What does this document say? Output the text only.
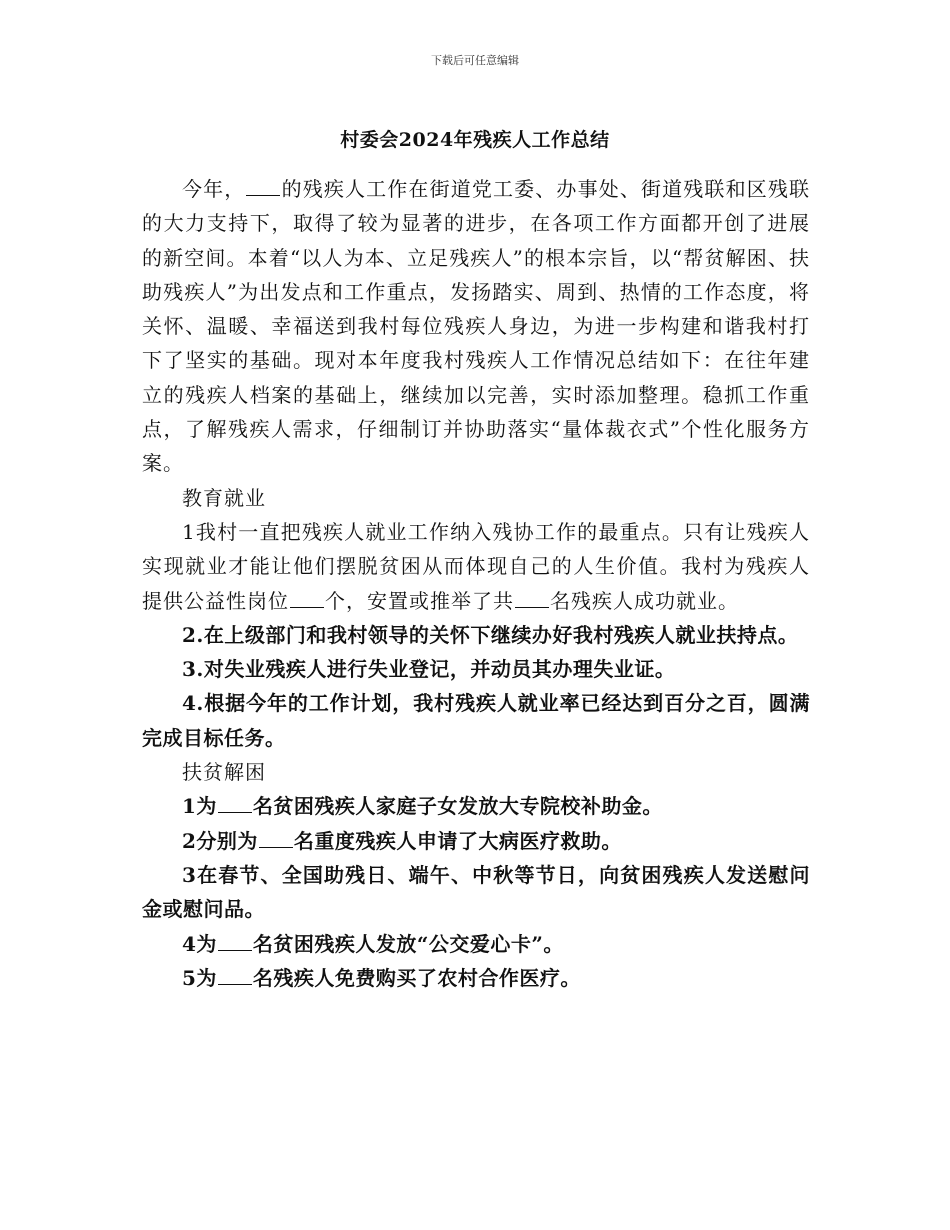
下载后可任意编辑
村委会2024年残疾人工作总结

今年， 的残疾人工作在街道党工委、办事处、街道残联和区残联的大力支持下，取得了较为显著的进步，在各项工作方面都开创了进展的新空间。本着“以人为本、立足残疾人”的根本宗旨，以“帮贫解困、扶助残疾人”为出发点和工作重点，发扬踏实、周到、热情的工作态度，将关怀、温暖、幸福送到我村每位残疾人身边，为进一步构建和谐我村打下了坚实的基础。现对本年度我村残疾人工作情况总结如下：在往年建立的残疾人档案的基础上，继续加以完善，实时添加整理。稳抓工作重点，了解残疾人需求，仔细制订并协助落实“量体裁衣式”个性化服务方案。

教育就业

1我村一直把残疾人就业工作纳入残协工作的最重点。只有让残疾人实现就业才能让他们摆脱贫困从而体现自己的人生价值。我村为残疾人提供公益性岗位 个，安置或推举了共 名残疾人成功就业。

2.在上级部门和我村领导的关怀下继续办好我村残疾人就业扶持点。

3.对失业残疾人进行失业登记，并动员其办理失业证。

4.根据今年的工作计划，我村残疾人就业率已经达到百分之百，圆满完成目标任务。

扶贫解困

1为 名贫困残疾人家庭子女发放大专院校补助金。

2分别为 名重度残疾人申请了大病医疗救助。

3在春节、全国助残日、端午、中秋等节日，向贫困残疾人发送慰问金或慰问品。

4为 名贫困残疾人发放“公交爱心卡”。

5为 名残疾人免费购买了农村合作医疗。
